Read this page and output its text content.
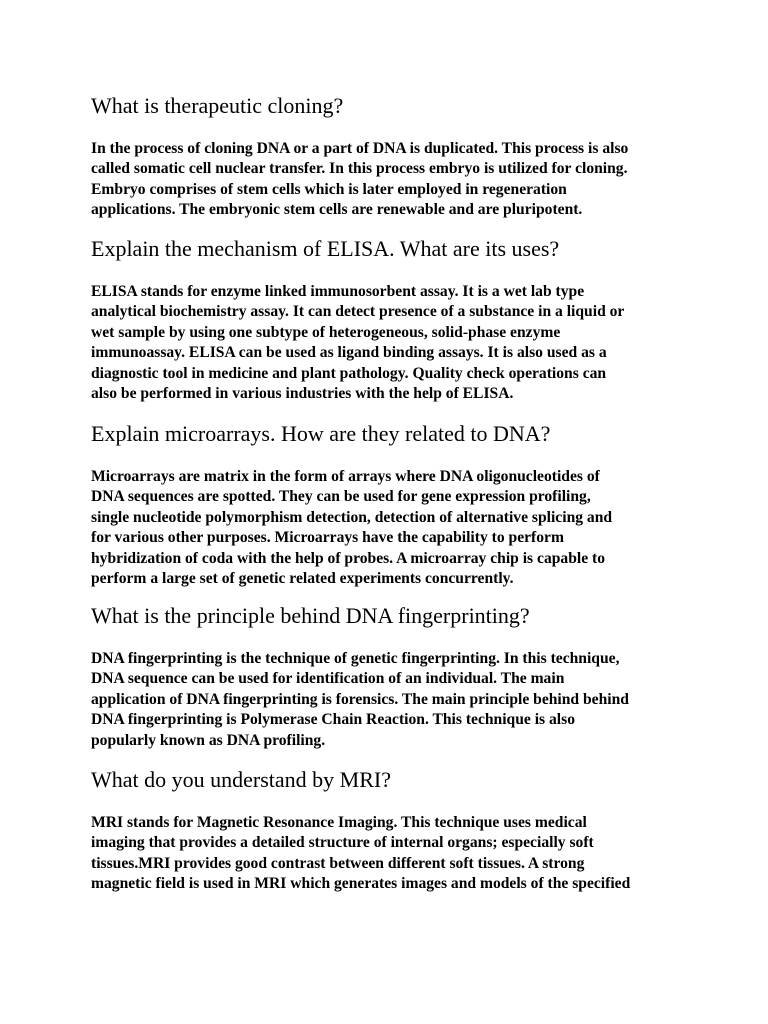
What is therapeutic cloning?

In the process of cloning DNA or a part of DNA is duplicated. This process is also
called somatic cell nuclear transfer. In this process embryo is utilized for cloning.
Embryo comprises of stem cells which is later employed in regeneration
applications. The embryonic stem cells are renewable and are pluripotent.

Explain the mechanism of ELISA. What are its uses?

ELISA stands for enzyme linked immunosorbent assay. It is a wet lab type
analytical biochemistry assay. It can detect presence of a substance in a liquid or
wet sample by using one subtype of heterogeneous, solid-phase enzyme
immunoassay. ELISA can be used as ligand binding assays. It is also used as a
diagnostic tool in medicine and plant pathology. Quality check operations can
also be performed in various industries with the help of ELISA.

Explain microarrays. How are they related to DNA?

Microarrays are matrix in the form of arrays where DNA oligonucleotides of
DNA sequences are spotted. They can be used for gene expression profiling,
single nucleotide polymorphism detection, detection of alternative splicing and
for various other purposes. Microarrays have the capability to perform
hybridization of coda with the help of probes. A microarray chip is capable to
perform a large set of genetic related experiments concurrently.

What is the principle behind DNA fingerprinting?

DNA fingerprinting is the technique of genetic fingerprinting. In this technique,
DNA sequence can be used for identification of an individual. The main
application of DNA fingerprinting is forensics. The main principle behind behind
DNA fingerprinting is Polymerase Chain Reaction. This technique is also
popularly known as DNA profiling.

What do you understand by MRI?

MRI stands for Magnetic Resonance Imaging. This technique uses medical
imaging that provides a detailed structure of internal organs; especially soft
tissues.MRI provides good contrast between different soft tissues. A strong
magnetic field is used in MRI which generates images and models of the specified
